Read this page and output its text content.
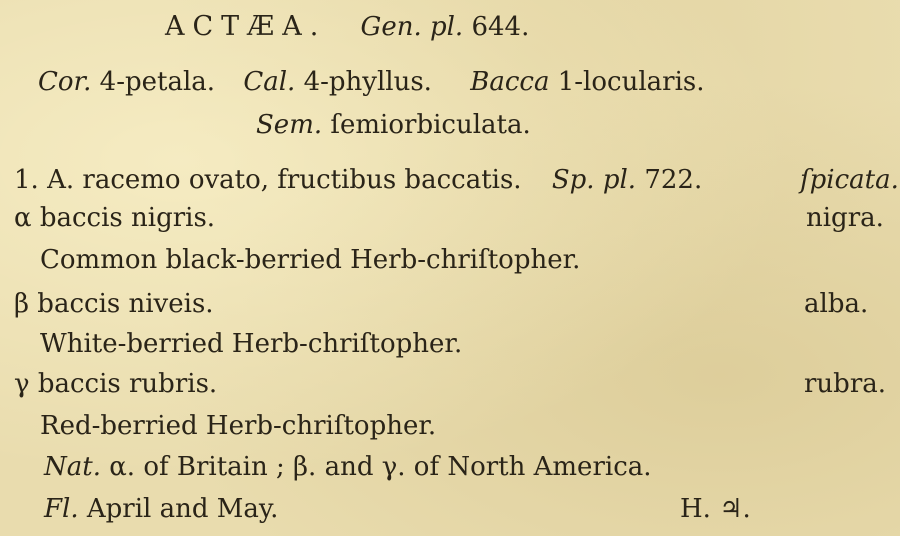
ACTÆA. Gen. pl. 644.
Cor. 4-petala. Cal. 4-phyllus. Bacca 1-locularis.
Sem. ſemiorbiculata.
1. A. racemo ovato, fructibus baccatis. Sp. pl. 722.	ſpicata.
α baccis nigris.	nigra.
Common black-berried Herb-chriſtopher.
β baccis niveis.	alba.
White-berried Herb-chriſtopher.
γ baccis rubris.	rubra.
Red-berried Herb-chriſtopher.
Nat. α. of Britain ; β. and γ. of North America.
Fl. April and May.	H. ♃.
